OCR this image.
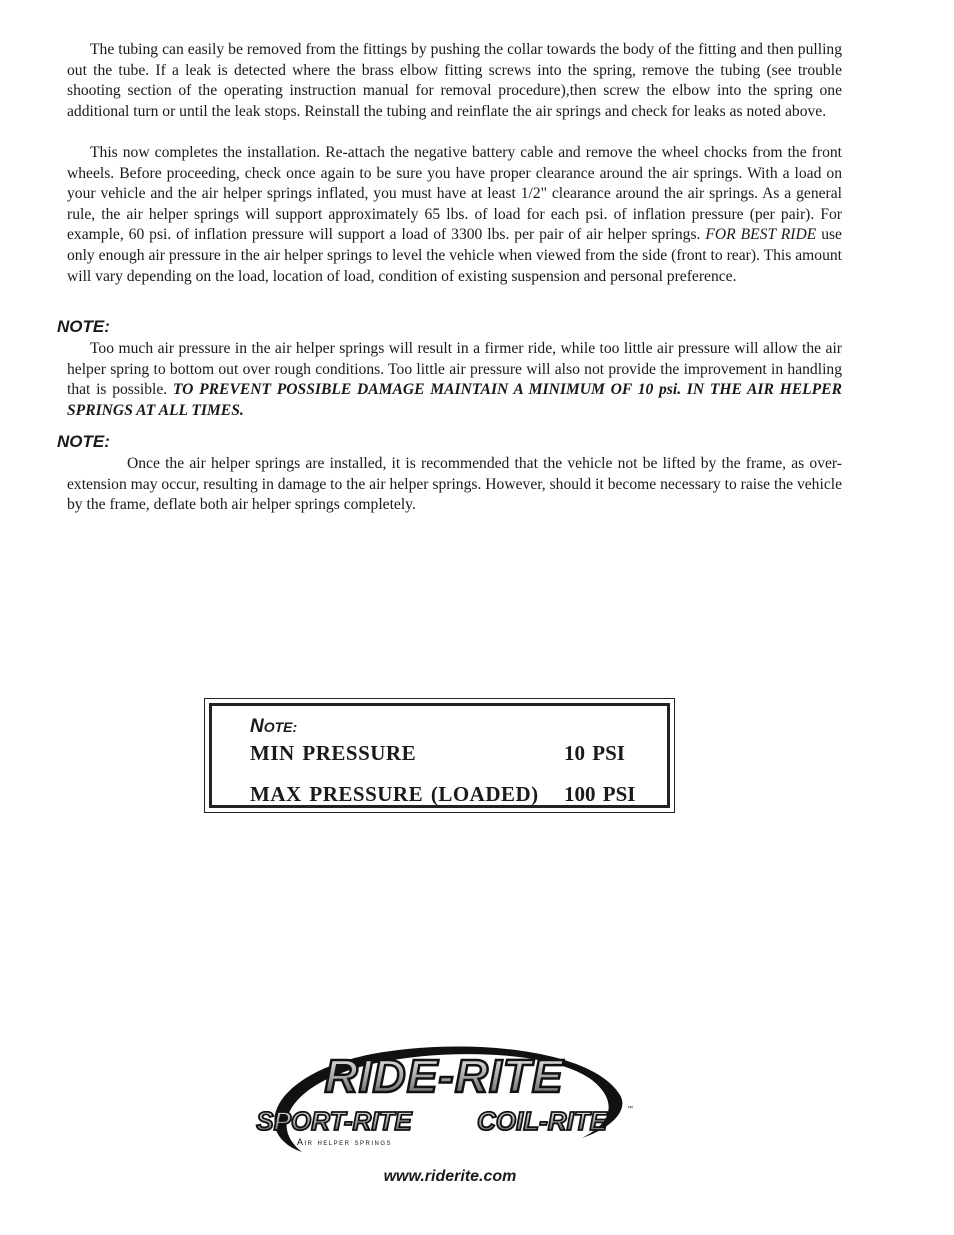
The tubing can easily be removed from the fittings by pushing the collar towards the body of the fitting and then pulling out the tube. If a leak is detected where the brass elbow fitting screws into the spring, remove the tubing (see trouble shooting section of the operating instruction manual for removal procedure),then screw the elbow into the spring one additional turn or until the leak stops. Reinstall the tubing and reinflate the air springs and check for leaks as noted above.

This now completes the installation. Re-attach the negative battery cable and remove the wheel chocks from the front wheels. Before proceeding, check once again to be sure you have proper clearance around the air springs. With a load on your vehicle and the air helper springs inflated, you must have at least 1/2" clearance around the air springs. As a general rule, the air helper springs will support approximately 65 lbs. of load for each psi. of inflation pressure (per pair). For example, 60 psi. of inflation pressure will support a load of 3300 lbs. per pair of air helper springs. FOR BEST RIDE use only enough air pressure in the air helper springs to level the vehicle when viewed from the side (front to rear). This amount will vary depending on the load, location of load, condition of existing suspension and personal preference.

NOTE:

Too much air pressure in the air helper springs will result in a firmer ride, while too little air pressure will allow the air helper spring to bottom out over rough conditions. Too little air pressure will also not provide the improvement in handling that is possible. TO PREVENT POSSIBLE DAMAGE MAINTAIN A MINIMUM OF 10 psi. IN THE AIR HELPER SPRINGS AT ALL TIMES.

NOTE:

Once the air helper springs are installed, it is recommended that the vehicle not be lifted by the frame, as over-extension may occur, resulting in damage to the air helper springs. However, should it become necessary to raise the vehicle by the frame, deflate both air helper springs completely.

NOTE:
MIN PRESSURE	10 PSI
MAX PRESSURE (LOADED) 100 PSI
RIDE-RITE
SPORT-RITE	COIL-RITE	™
Air helper springs
www.riderite.com
